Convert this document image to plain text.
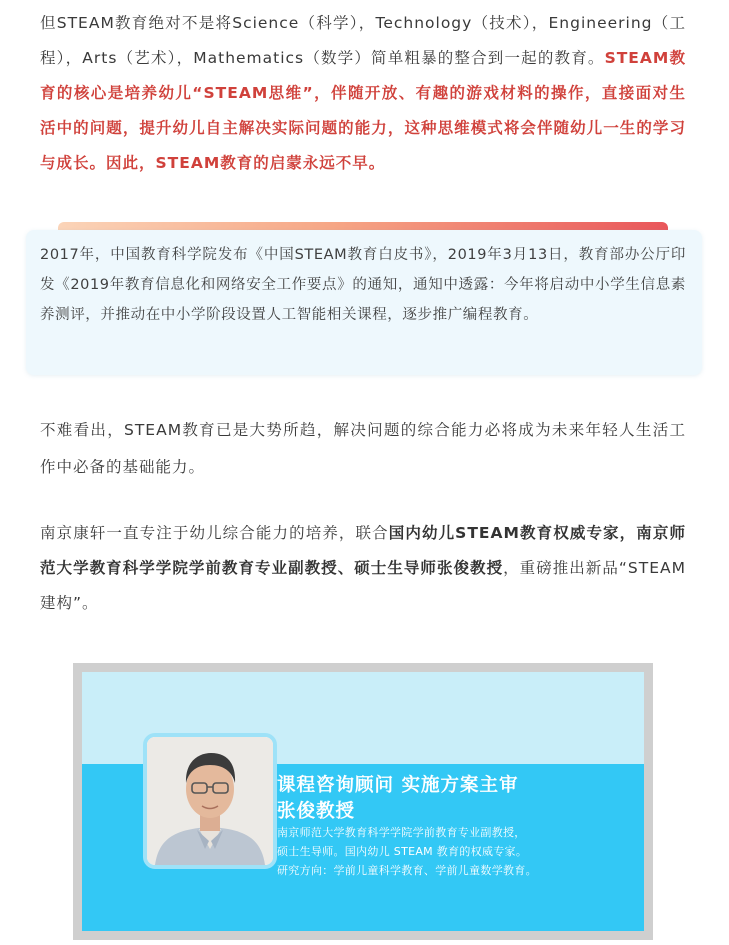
但STEAM教育绝对不是将Science（科学），Technology（技术），Engineering（工程），Arts（艺术），Mathematics（数学）简单粗暴的整合到一起的教育。STEAM教育的核心是培养幼儿“STEAM思维”，伴随开放、有趣的游戏材料的操作，直接面对生活中的问题，提升幼儿自主解决实际问题的能力，这种思维模式将会伴随幼儿一生的学习与成长。因此，STEAM教育的启蒙永远不早。
2017年，中国教育科学院发布《中国STEAM教育白皮书》，2019年3月13日，教育部办公厅印发《2019年教育信息化和网络安全工作要点》的通知，通知中透露：今年将启动中小学生信息素养测评，并推动在中小学阶段设置人工智能相关课程，逐步推广编程教育。
不难看出，STEAM教育已是大势所趋，解决问题的综合能力必将成为未来年轻人生活工作中必备的基础能力。
南京康轩一直专注于幼儿综合能力的培养，联合国内幼儿STEAM教育权威专家，南京师范大学教育科学学院学前教育专业副教授、硕士生导师张俊教授，重磅推出新品“STEAM建构”。
课程咨询顾问 实施方案主审
张俊教授
南京师范大学教育科学学院学前教育专业副教授，
硕士生导师。国内幼儿 STEAM 教育的权威专家。
研究方向：学前儿童科学教育、学前儿童数学教育。
